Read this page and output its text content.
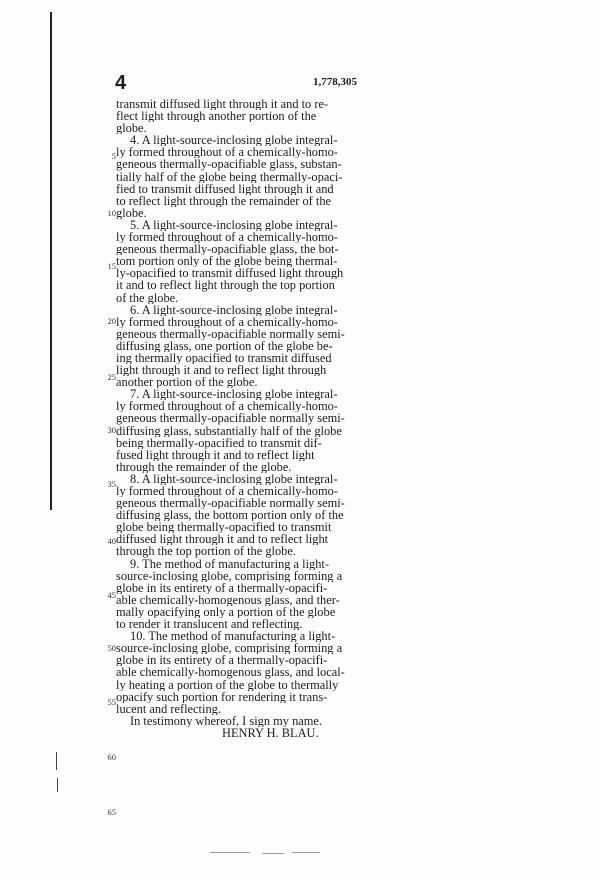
4	1,778,305
transmit diffused light through it and to re-
flect light through another portion of the
globe.
4. A light-source-inclosing globe integral-
ly formed throughout of a chemically-homo-
geneous thermally-opacifiable glass, substan-
tially half of the globe being thermally-opaci-
fied to transmit diffused light through it and
to reflect light through the remainder of the
globe.
5. A light-source-inclosing globe integral-
ly formed throughout of a chemically-homo-
geneous thermally-opacifiable glass, the bot-
tom portion only of the globe being thermal-
ly-opacified to transmit diffused light through
it and to reflect light through the top portion
of the globe.
6. A light-source-inclosing globe integral-
ly formed throughout of a chemically-homo-
geneous thermally-opacifiable normally semi-
diffusing glass, one portion of the globe be-
ing thermally opacified to transmit diffused
light through it and to reflect light through
another portion of the globe.
7. A light-source-inclosing globe integral-
ly formed throughout of a chemically-homo-
geneous thermally-opacifiable normally semi-
diffusing glass, substantially half of the globe
being thermally-opacified to transmit dif-
fused light through it and to reflect light
through the remainder of the globe.
8. A light-source-inclosing globe integral-
ly formed throughout of a chemically-homo-
geneous thermally-opacifiable normally semi-
diffusing glass, the bottom portion only of the
globe being thermally-opacified to transmit
diffused light through it and to reflect light
through the top portion of the globe.
9. The method of manufacturing a light-
source-inclosing globe, comprising forming a
globe in its entirety of a thermally-opacifi-
able chemically-homogenous glass, and ther-
mally opacifying only a portion of the globe
to render it translucent and reflecting.
10. The method of manufacturing a light-
source-inclosing globe, comprising forming a
globe in its entirety of a thermally-opacifi-
able chemically-homogenous glass, and local-
ly heating a portion of the globe to thermally
opacify such portion for rendering it trans-
lucent and reflecting.
In testimony whereof, I sign my name.
HENRY H. BLAU.
5
10
15
20
25
30
35
40
45
50
55
60
65
